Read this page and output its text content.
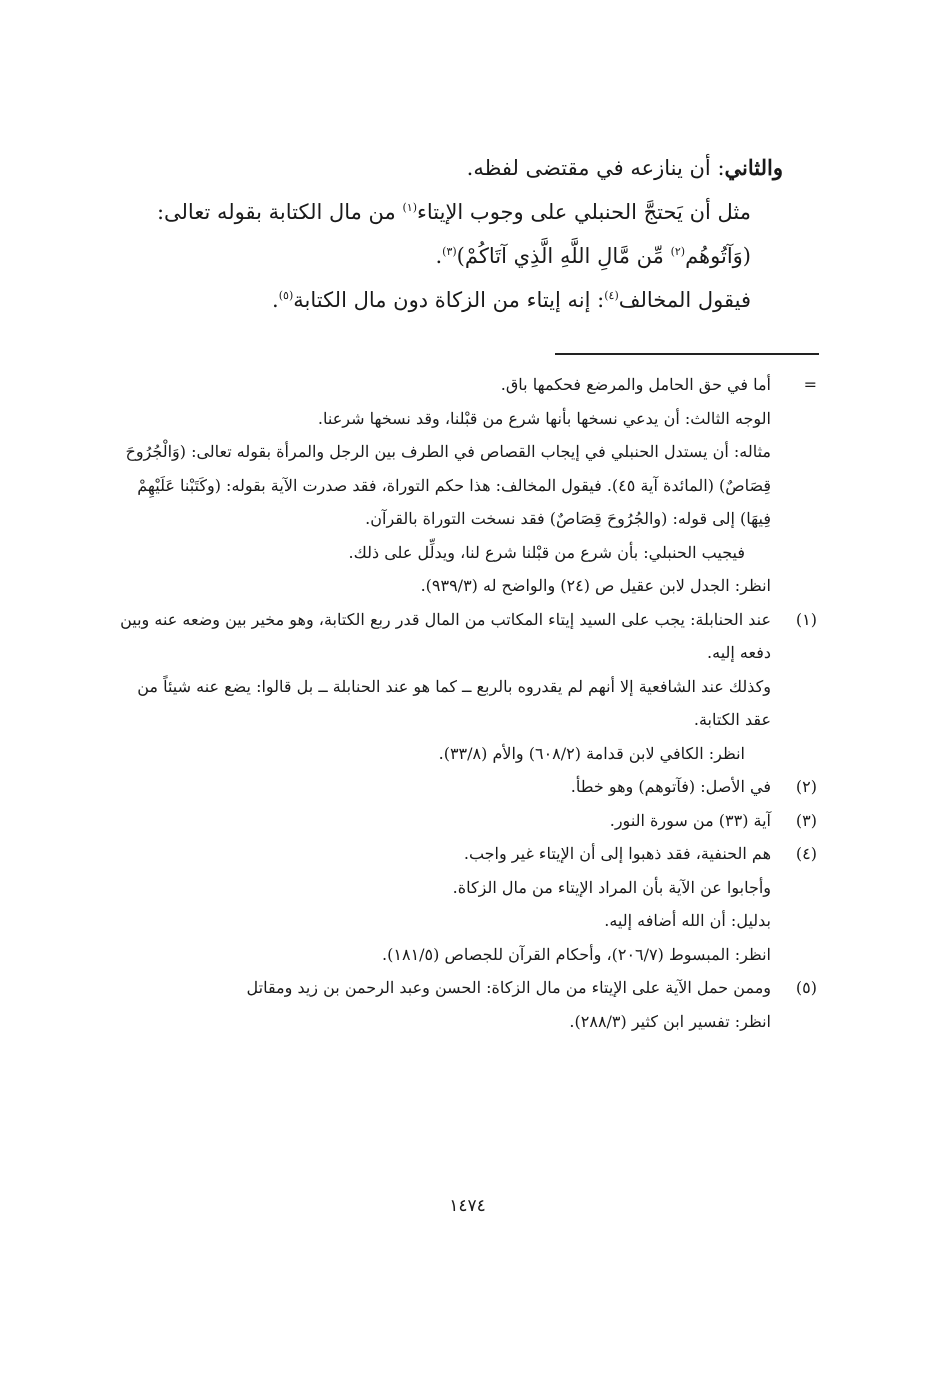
والثاني: أن ينازعه في مقتضى لفظه.

مثل أن يَحتجَّ الحنبلي على وجوب الإيتاء$^{(١)}$ من مال الكتابة بقوله تعالى: (وَآتُوهُم$^{(٢)}$ مِّن مَّالِ اللَّهِ الَّذِي آتَاكُمْ)$^{(٣)}$.

فيقول المخالف$^{(٤)}$: إنه إيتاء من الزكاة دون مال الكتابة$^{(٥)}$.

=

أما في حق الحامل والمرضع فحكمها باق.

الوجه الثالث: أن يدعي نسخها بأنها شرع من قبْلنا، وقد نسخها شرعنا.

مثاله: أن يستدل الحنبلي في إيجاب القصاص في الطرف بين الرجل والمرأة بقوله تعالى: (وَالْجُرُوحَ قِصَاصٌ) (المائدة آية ٤٥). فيقول المخالف: هذا حكم التوراة، فقد صدرت الآية بقوله: (وكَتَبْنا عَلَيْهِمْ فِيهَا) إلى قوله: (والجُرُوحَ قِصَاصٌ) فقد نسخت التوراة بالقرآن.

فيجيب الحنبلي: بأن شرع من قبْلنا شرع لنا، ويدلِّل على ذلك.

انظر: الجدل لابن عقيل ص (٢٤) والواضح له (٩٣٩/٣).

(١)

عند الحنابلة: يجب على السيد إيتاء المكاتب من المال قدر ربع الكتابة، وهو مخير بين وضعه عنه وبين دفعه إليه.

وكذلك عند الشافعية إلا أنهم لم يقدروه بالربع ــ كما هو عند الحنابلة ــ بل قالوا: يضع عنه شيئاً من عقد الكتابة.

انظر: الكافي لابن قدامة (٦٠٨/٢) والأم (٣٣/٨).

(٢)

في الأصل: (فآتوهم) وهو خطأ.

(٣)

آية (٣٣) من سورة النور.

(٤)

هم الحنفية، فقد ذهبوا إلى أن الإيتاء غير واجب.

وأجابوا عن الآية بأن المراد الإيتاء من مال الزكاة.

بدليل: أن الله أضافه إليه.

انظر: المبسوط (٢٠٦/٧)، وأحكام القرآن للجصاص (١٨١/٥).

(٥)

وممن حمل الآية على الإيتاء من مال الزكاة: الحسن وعبد الرحمن بن زيد ومقاتل

انظر: تفسير ابن كثير (٢٨٨/٣).

١٤٧٤
